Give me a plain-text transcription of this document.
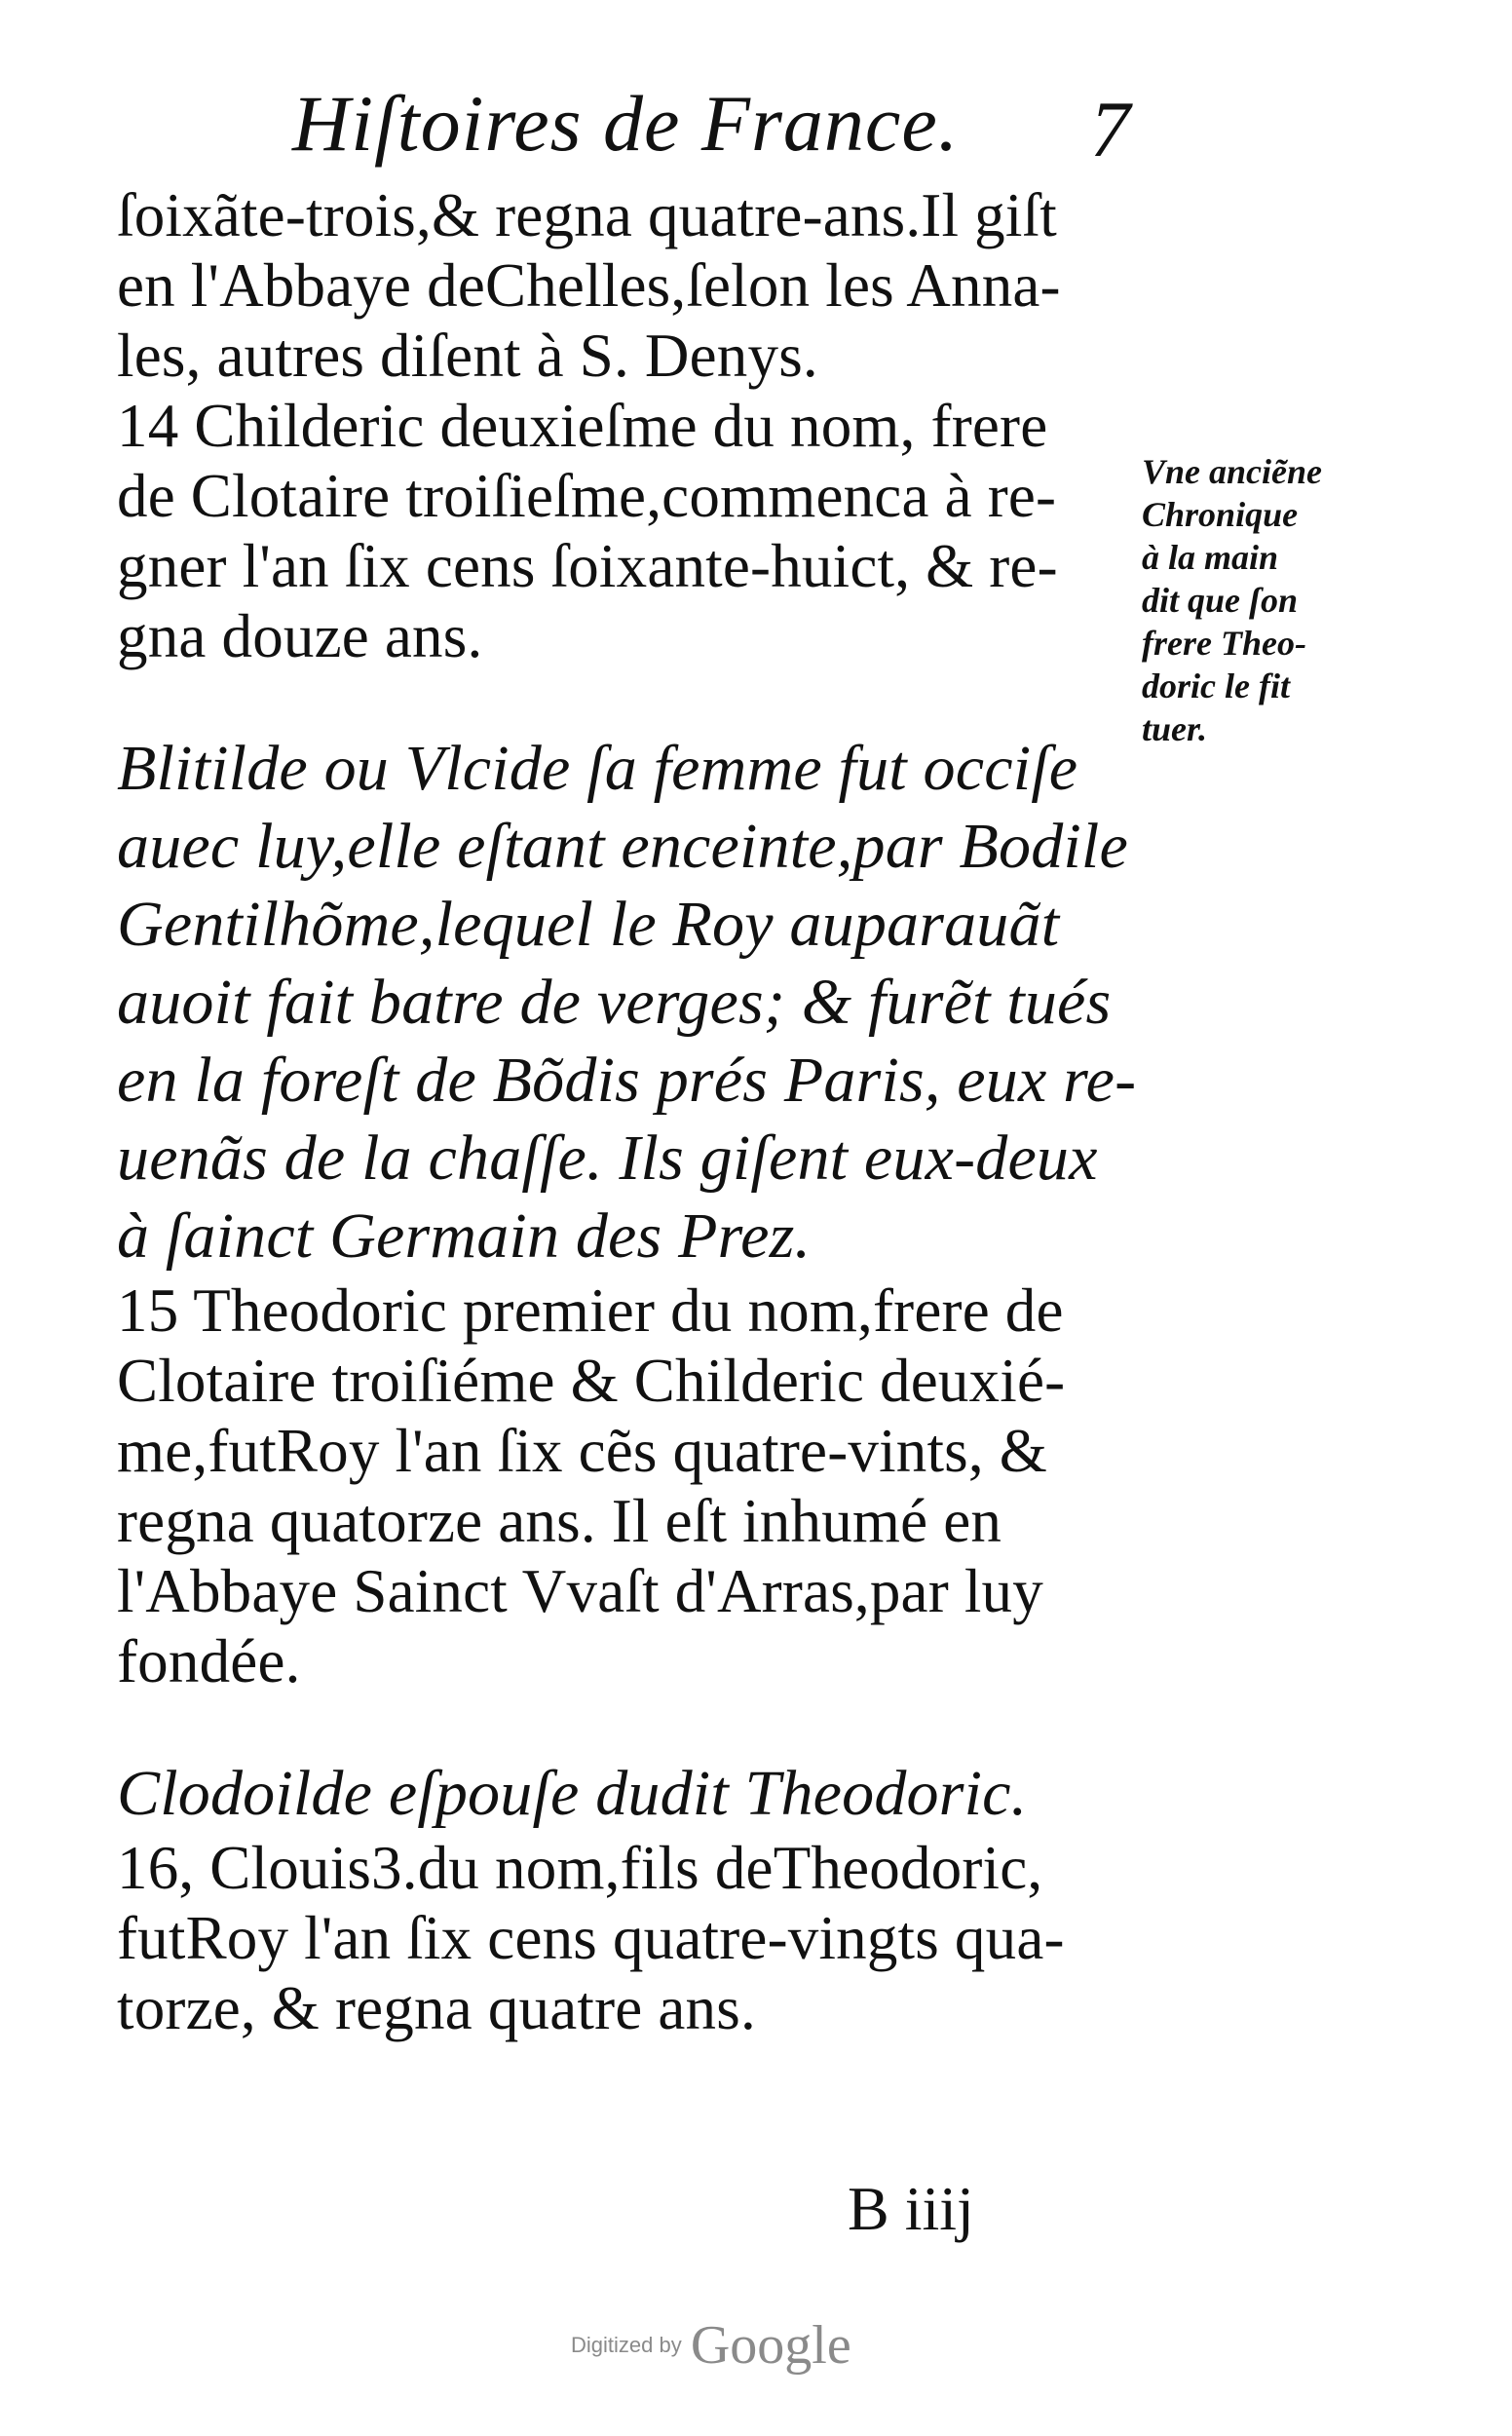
Hiſtoires de France. 7
ſoixãte-trois,& regna quatre-ans.Il giſt
en l'Abbaye deChelles,ſelon les Anna-
les, autres diſent à S. Denys.
14 Childeric deuxieſme du nom, frere
de Clotaire troiſieſme,commenca à re-
gner l'an ſix cens ſoixante-huict, & re-
gna douze ans.
Blitilde ou Vlcide ſa femme fut occiſe
auec luy,elle eſtant enceinte,par Bodile
Gentilhõme,lequel le Roy auparauãt
auoit fait batre de verges; & furẽt tués
en la foreſt de Bõdis prés Paris, eux re-
uenãs de la chaſſe. Ils giſent eux-deux
à ſainct Germain des Prez.
15 Theodoric premier du nom,frere de
Clotaire troiſiéme & Childeric deuxié-
me,futRoy l'an ſix cẽs quatre-vints, &
regna quatorze ans. Il eſt inhumé en
l'Abbaye Sainct Vvaſt d'Arras,par luy
fondée.
Clodoilde eſpouſe dudit Theodoric.
16, Clouis3.du nom,fils deTheodoric,
futRoy l'an ſix cens quatre-vingts qua-
torze, & regna quatre ans.
Vne anciẽne
Chronique
à la main
dit que ſon
frere Theo-
doric le fit
tuer.
B iiij
Digitized by Google
